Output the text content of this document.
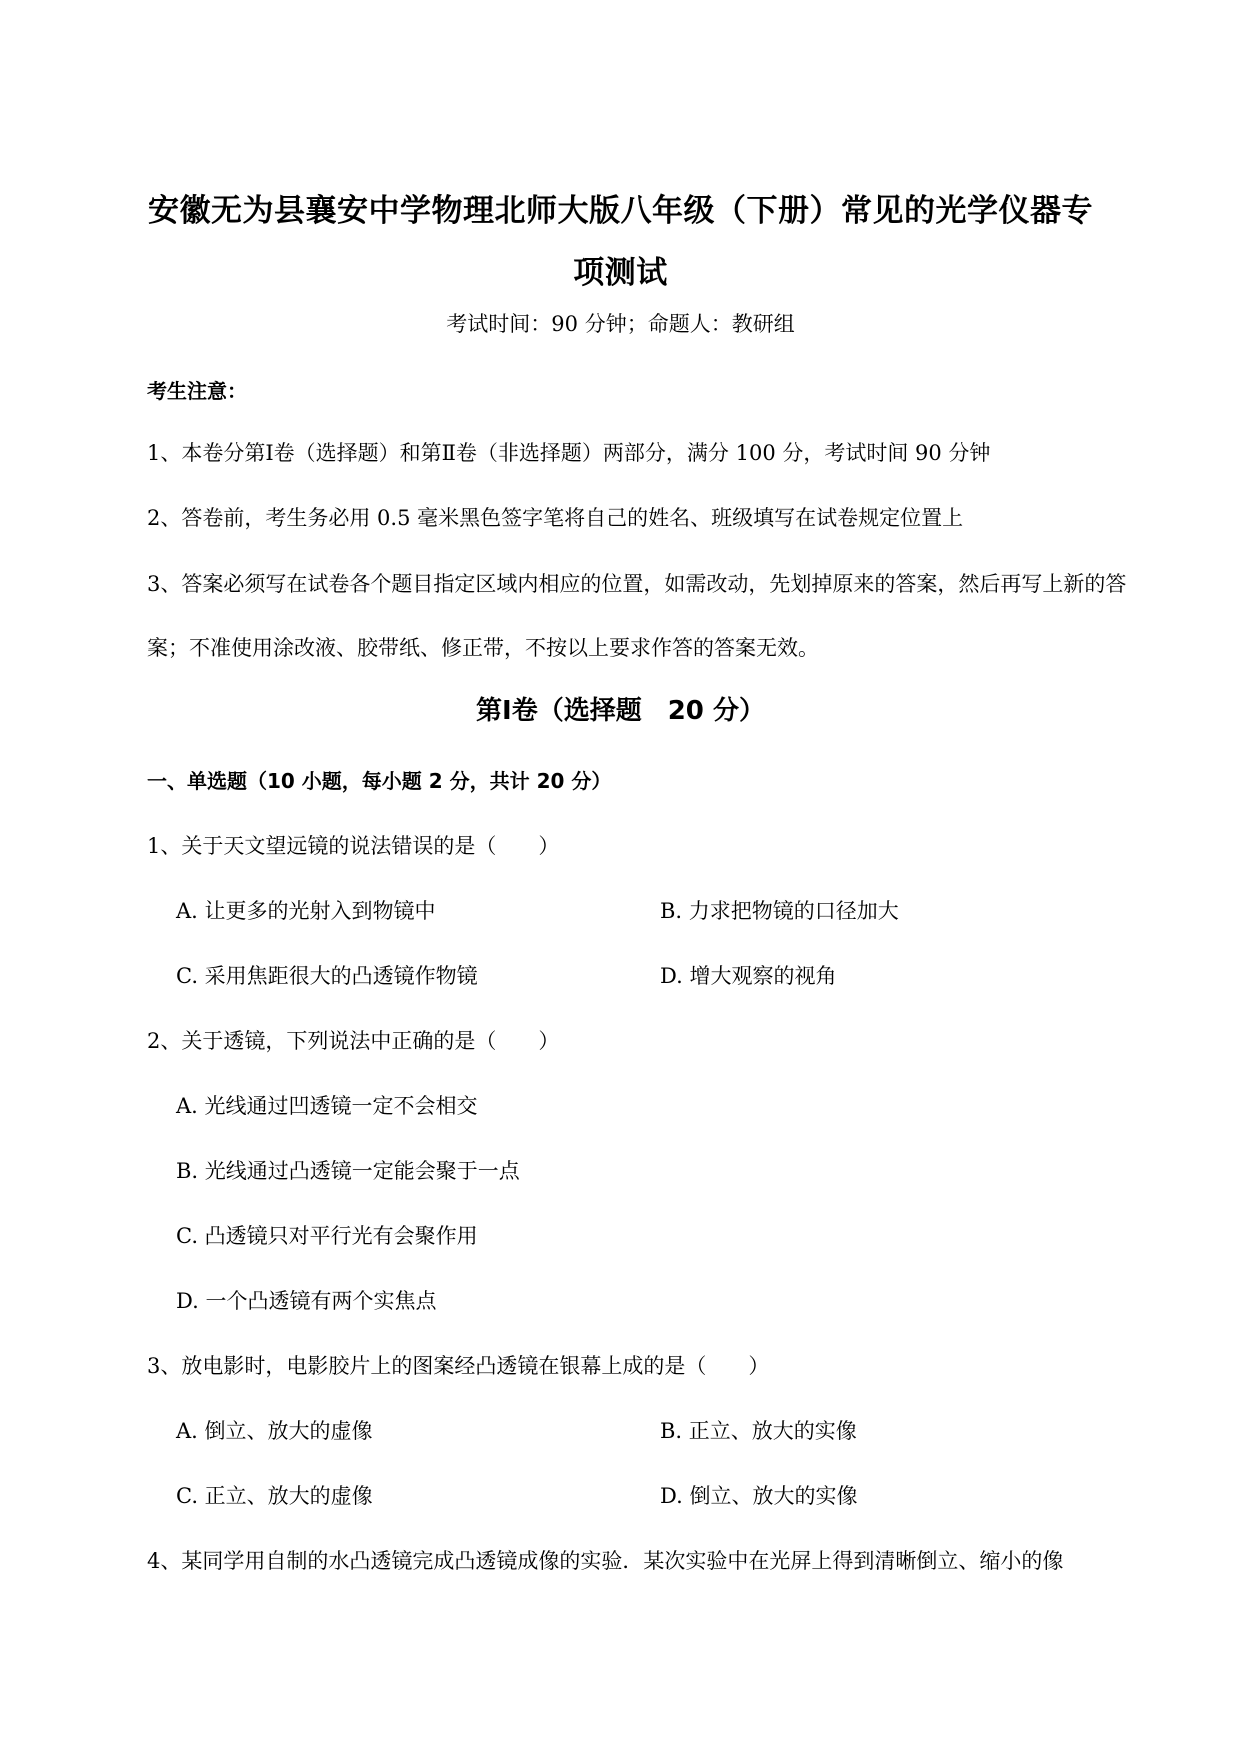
安徽无为县襄安中学物理北师大版八年级（下册）常见的光学仪器专
项测试
考试时间：90 分钟；命题人：教研组
考生注意：
1、本卷分第Ⅰ卷（选择题）和第Ⅱ卷（非选择题）两部分，满分 100 分，考试时间 90 分钟
2、答卷前，考生务必用 0.5 毫米黑色签字笔将自己的姓名、班级填写在试卷规定位置上
3、答案必须写在试卷各个题目指定区域内相应的位置，如需改动，先划掉原来的答案，然后再写上新的答案；不准使用涂改液、胶带纸、修正带，不按以上要求作答的答案无效。
第Ⅰ卷（选择题　20 分）
一、单选题（10 小题，每小题 2 分，共计 20 分）
1、关于天文望远镜的说法错误的是（　　）
A. 让更多的光射入到物镜中	B. 力求把物镜的口径加大
C. 采用焦距很大的凸透镜作物镜	D. 增大观察的视角
2、关于透镜，下列说法中正确的是（　　）
A. 光线通过凹透镜一定不会相交
B. 光线通过凸透镜一定能会聚于一点
C. 凸透镜只对平行光有会聚作用
D. 一个凸透镜有两个实焦点
3、放电影时，电影胶片上的图案经凸透镜在银幕上成的是（　　）
A. 倒立、放大的虚像	B. 正立、放大的实像
C. 正立、放大的虚像	D. 倒立、放大的实像
4、某同学用自制的水凸透镜完成凸透镜成像的实验．某次实验中在光屏上得到清晰倒立、缩小的像
